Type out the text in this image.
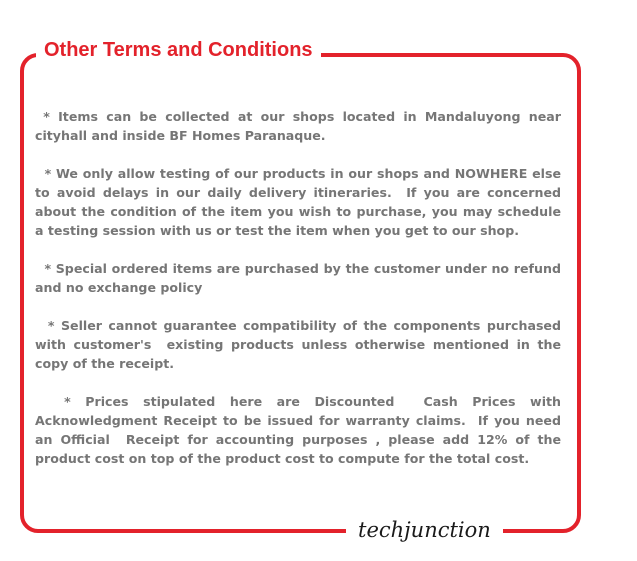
Other Terms and Conditions

* Items can be collected at our shops located in Mandaluyong near cityhall and inside BF Homes Paranaque.

* We only allow testing of our products in our shops and NOWHERE else to avoid delays in our daily delivery itineraries.  If you are concerned about the condition of the item you wish to purchase, you may schedule a testing session with us or test the item when you get to our shop.

* Special ordered items are purchased by the customer under no refund and no exchange policy

* Seller cannot guarantee compatibility of the components purchased with customer's  existing products unless otherwise mentioned in the copy of the receipt.

* Prices stipulated here are Discounted  Cash Prices with Acknowledgment Receipt to be issued for warranty claims.  If you need an Official  Receipt for accounting purposes , please add 12% of the product cost on top of the product cost to compute for the total cost.

techjunction
